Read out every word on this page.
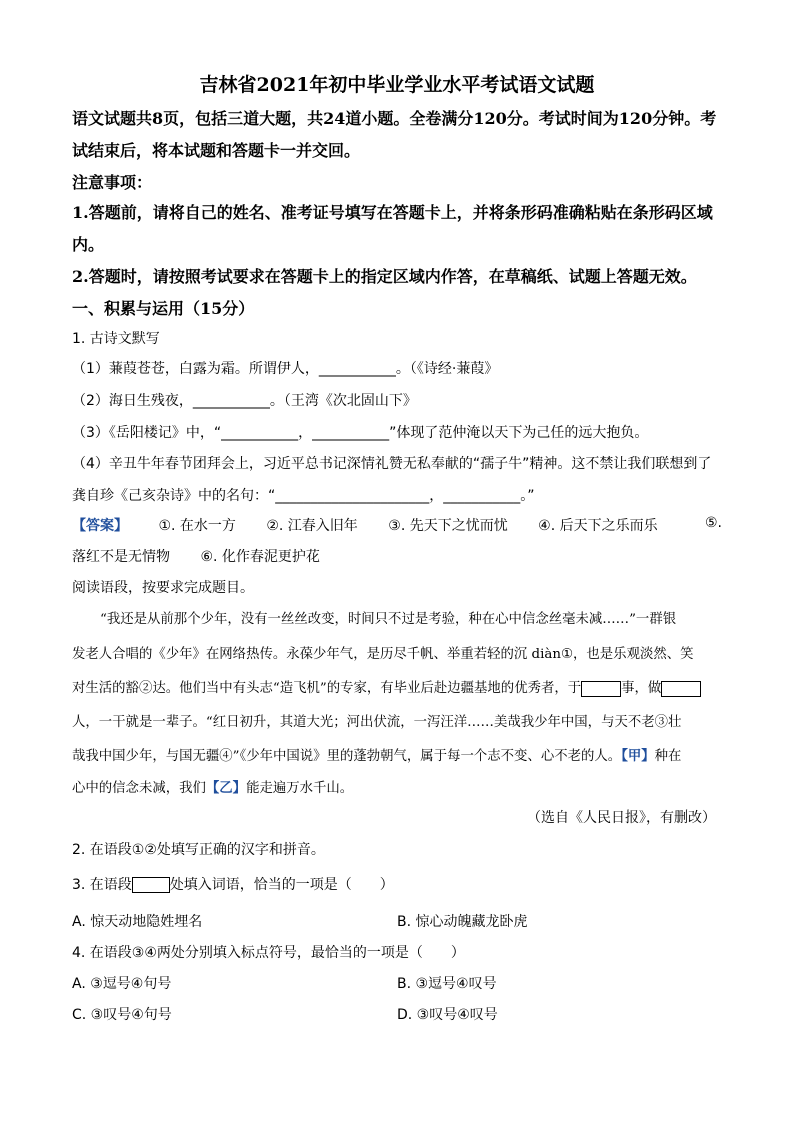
吉林省2021年初中毕业学业水平考试语文试题
语文试题共8页，包括三道大题，共24道小题。全卷满分120分。考试时间为120分钟。考
试结束后，将本试题和答题卡一并交回。
注意事项：
1.答题前，请将自己的姓名、准考证号填写在答题卡上，并将条形码准确粘贴在条形码区域
内。
2.答题时，请按照考试要求在答题卡上的指定区域内作答，在草稿纸、试题上答题无效。
一、积累与运用（15分）
1. 古诗文默写
（1）蒹葭苍苍，白露为霜。所谓伊人，___________。（《诗经·蒹葭》
（2）海日生残夜，___________。（王湾《次北固山下》
（3）《岳阳楼记》中，“___________，___________”体现了范仲淹以天下为己任的远大抱负。
（4）辛丑牛年春节团拜会上，习近平总书记深情礼赞无私奉献的“孺子牛”精神。这不禁让我们联想到了
龚自珍《己亥杂诗》中的名句：“______________________，___________。”
【答案】 ①. 在水一方 ②. 江春入旧年 ③. 先天下之忧而忧 ④. 后天下之乐而乐	⑤.
落红不是无情物 ⑥. 化作春泥更护花
阅读语段，按要求完成题目。
“我还是从前那个少年，没有一丝丝改变，时间只不过是考验，种在心中信念丝毫未减……”一群银
发老人合唱的《少年》在网络热传。永葆少年气，是历尽千帆、举重若轻的沉 diàn①，也是乐观淡然、笑
对生活的豁②达。他们当中有头志“造飞机”的专家，有毕业后赴边疆基地的优秀者，于	事，做
人，一干就是一辈子。“红日初升，其道大光；河出伏流，一泻汪洋……美哉我少年中国，与天不老③壮
哉我中国少年，与国无疆④”《少年中国说》里的蓬勃朝气，属于每一个志不变、心不老的人。【甲】种在
心中的信念未减，我们【乙】能走遍万水千山。
（选自《人民日报》，有删改）
2. 在语段①②处填写正确的汉字和拼音。
3. 在语段	处填入词语，恰当的一项是（　　）
A. 惊天动地隐姓埋名	B. 惊心动魄藏龙卧虎
4. 在语段③④两处分别填入标点符号，最恰当的一项是（　　）
A. ③逗号④句号	B. ③逗号④叹号
C. ③叹号④句号	D. ③叹号④叹号
